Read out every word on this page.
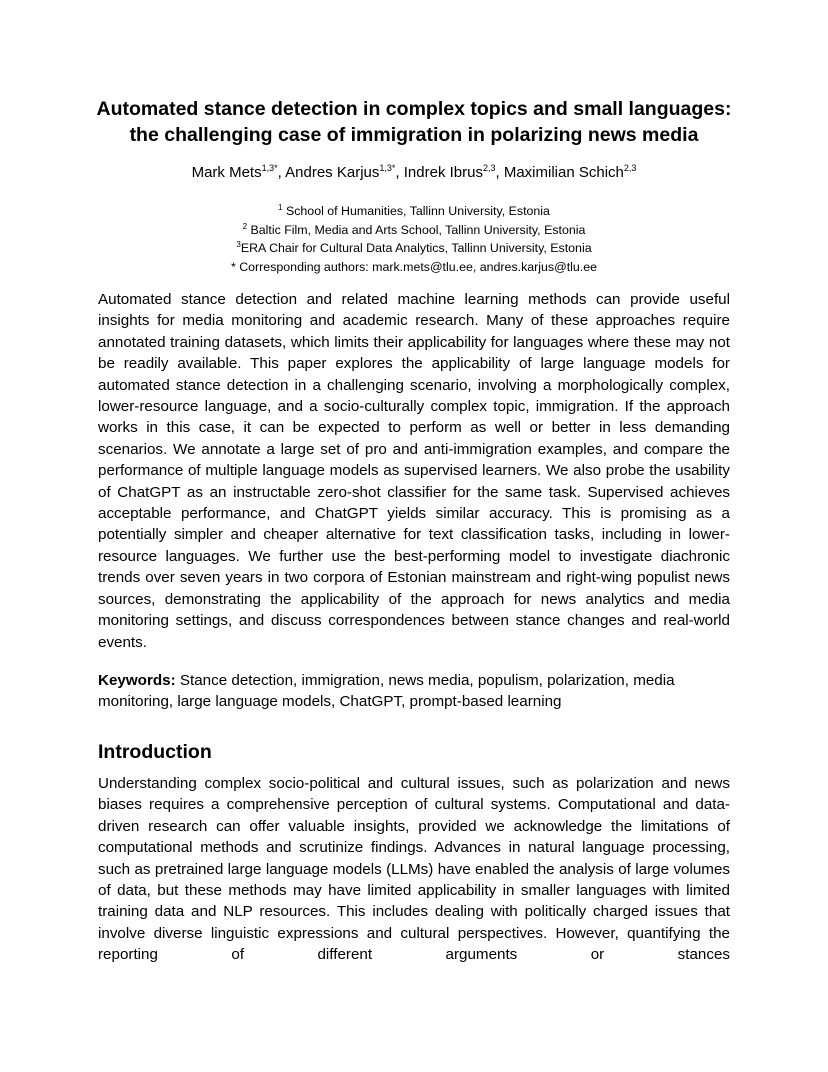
Automated stance detection in complex topics and small languages:
the challenging case of immigration in polarizing news media
Mark Mets$^{1,3*}$, Andres Karjus$^{1,3*}$, Indrek Ibrus$^{2,3}$, Maximilian Schich$^{2,3}$
$^1$ School of Humanities, Tallinn University, Estonia
$^2$ Baltic Film, Media and Arts School, Tallinn University, Estonia
$^3$ERA Chair for Cultural Data Analytics, Tallinn University, Estonia
* Corresponding authors: mark.mets@tlu.ee, andres.karjus@tlu.ee

Automated stance detection and related machine learning methods can provide useful insights for media monitoring and academic research. Many of these approaches require annotated training datasets, which limits their applicability for languages where these may not be readily available. This paper explores the applicability of large language models for automated stance detection in a challenging scenario, involving a morphologically complex, lower-resource language, and a socio-culturally complex topic, immigration. If the approach works in this case, it can be expected to perform as well or better in less demanding scenarios. We annotate a large set of pro and anti-immigration examples, and compare the performance of multiple language models as supervised learners. We also probe the usability of ChatGPT as an instructable zero-shot classifier for the same task. Supervised achieves acceptable performance, and ChatGPT yields similar accuracy. This is promising as a potentially simpler and cheaper alternative for text classification tasks, including in lower-resource languages. We further use the best-performing model to investigate diachronic trends over seven years in two corpora of Estonian mainstream and right-wing populist news sources, demonstrating the applicability of the approach for news analytics and media monitoring settings, and discuss correspondences between stance changes and real-world events.

Keywords: Stance detection, immigration, news media, populism, polarization, media monitoring, large language models, ChatGPT, prompt-based learning

Introduction

Understanding complex socio-political and cultural issues, such as polarization and news biases requires a comprehensive perception of cultural systems. Computational and data-driven research can offer valuable insights, provided we acknowledge the limitations of computational methods and scrutinize findings. Advances in natural language processing, such as pretrained large language models (LLMs) have enabled the analysis of large volumes of data, but these methods may have limited applicability in smaller languages with limited training data and NLP resources. This includes dealing with politically charged issues that involve diverse linguistic expressions and cultural perspectives. However, quantifying the reporting of different arguments or stances
